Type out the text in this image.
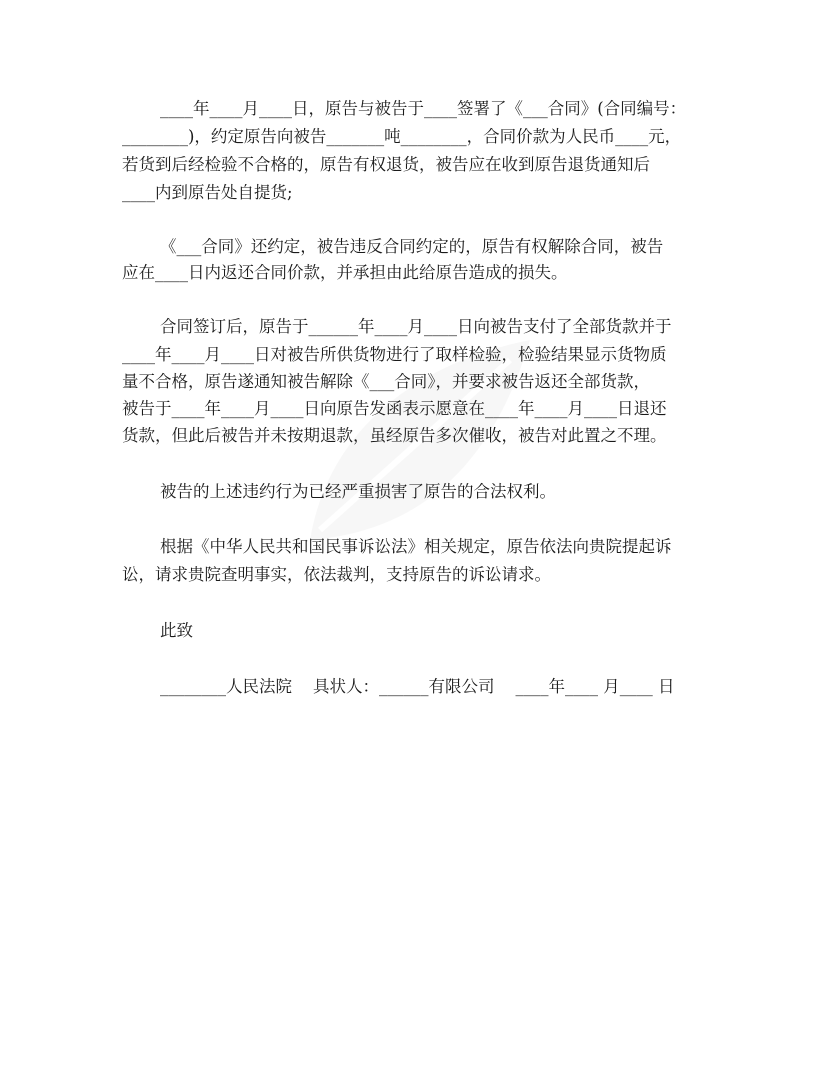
____年____月____日，原告与被告于____签署了《___合同》(合同编号：
________)，约定原告向被告_______吨________，合同价款为人民币____元，
若货到后经检验不合格的，原告有权退货，被告应在收到原告退货通知后
____内到原告处自提货;
《___合同》还约定，被告违反合同约定的，原告有权解除合同，被告
应在____日内返还合同价款，并承担由此给原告造成的损失。
合同签订后，原告于______年____月____日向被告支付了全部货款并于
____年____月____日对被告所供货物进行了取样检验，检验结果显示货物质
量不合格，原告遂通知被告解除《___合同》，并要求被告返还全部货款，
被告于____年____月____日向原告发函表示愿意在____年____月____日退还
货款，但此后被告并未按期退款，虽经原告多次催收，被告对此置之不理。
被告的上述违约行为已经严重损害了原告的合法权利。
根据《中华人民共和国民事诉讼法》相关规定，原告依法向贵院提起诉
讼，请求贵院查明事实，依法裁判，支持原告的诉讼请求。
此致
________人民法院    具状人：______有限公司    ____年____ 月____ 日
